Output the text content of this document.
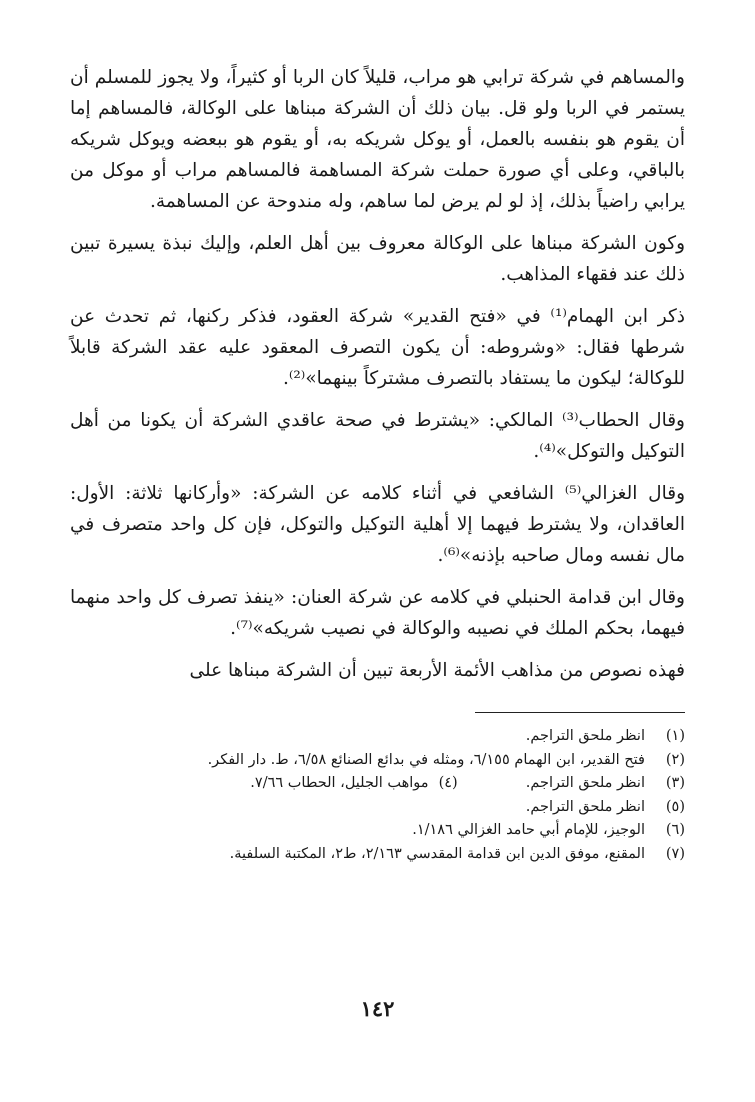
والمساهم في شركة ترابي هو مراب، قليلاً كان الربا أو كثيراً، ولا يجوز للمسلم أن يستمر في الربا ولو قل. بيان ذلك أن الشركة مبناها على الوكالة، فالمساهم إما أن يقوم هو بنفسه بالعمل، أو يوكل شريكه به، أو يقوم هو ببعضه ويوكل شريكه بالباقي، وعلى أي صورة حملت شركة المساهمة فالمساهم مراب أو موكل من يرابي راضياً بذلك، إذ لو لم يرض لما ساهم، وله مندوحة عن المساهمة.

وكون الشركة مبناها على الوكالة معروف بين أهل العلم، وإليك نبذة يسيرة تبين ذلك عند فقهاء المذاهب.

ذكر ابن الهمام⁽¹⁾ في «فتح القدير» شركة العقود، فذكر ركنها، ثم تحدث عن شرطها فقال: «وشروطه: أن يكون التصرف المعقود عليه عقد الشركة قابلاً للوكالة؛ ليكون ما يستفاد بالتصرف مشتركاً بينهما»⁽²⁾.

وقال الحطاب⁽³⁾ المالكي: «يشترط في صحة عاقدي الشركة أن يكونا من أهل التوكيل والتوكل»⁽⁴⁾.

وقال الغزالي⁽⁵⁾ الشافعي في أثناء كلامه عن الشركة: «وأركانها ثلاثة: الأول: العاقدان، ولا يشترط فيهما إلا أهلية التوكيل والتوكل، فإن كل واحد متصرف في مال نفسه ومال صاحبه بإذنه»⁽⁶⁾.

وقال ابن قدامة الحنبلي في كلامه عن شركة العنان: «ينفذ تصرف كل واحد منهما فيهما، بحكم الملك في نصيبه والوكالة في نصيب شريكه»⁽⁷⁾.

فهذه نصوص من مذاهب الأئمة الأربعة تبين أن الشركة مبناها على

(١)
انظر ملحق التراجم.
(٢)
فتح القدير، ابن الهمام ٦/١٥٥، ومثله في بدائع الصنائع ٦/٥٨، ط. دار الفكر.
(٣)
انظر ملحق التراجم.
(٤)
مواهب الجليل، الحطاب ٧/٦٦.
(٥)
انظر ملحق التراجم.
(٦)
الوجيز، للإمام أبي حامد الغزالي ١/١٨٦.
(٧)
المقنع، موفق الدين ابن قدامة المقدسي ٢/١٦٣، ط٢، المكتبة السلفية.
١٤٢
